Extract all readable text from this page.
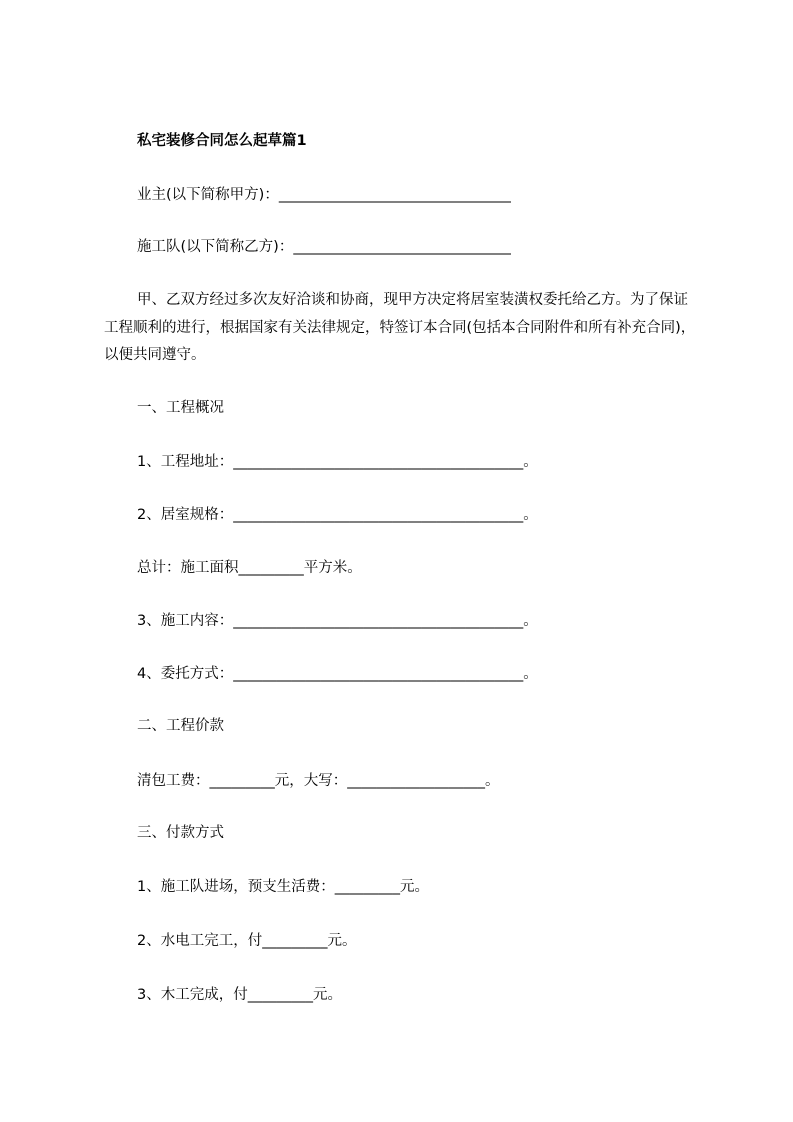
私宅装修合同怎么起草篇1
业主(以下简称甲方)：________________________________
施工队(以下简称乙方)：______________________________
甲、乙双方经过多次友好洽谈和协商，现甲方决定将居室装潢权委托给乙方。为了保证工程顺利的进行，根据国家有关法律规定，特签订本合同(包括本合同附件和所有补充合同)，以便共同遵守。
一、工程概况
1、工程地址：________________________________________。
2、居室规格：________________________________________。
总计：施工面积_________平方米。
3、施工内容：________________________________________。
4、委托方式：________________________________________。
二、工程价款
清包工费：_________元，大写：___________________。
三、付款方式
1、施工队进场，预支生活费：_________元。
2、水电工完工，付_________元。
3、木工完成，付_________元。
